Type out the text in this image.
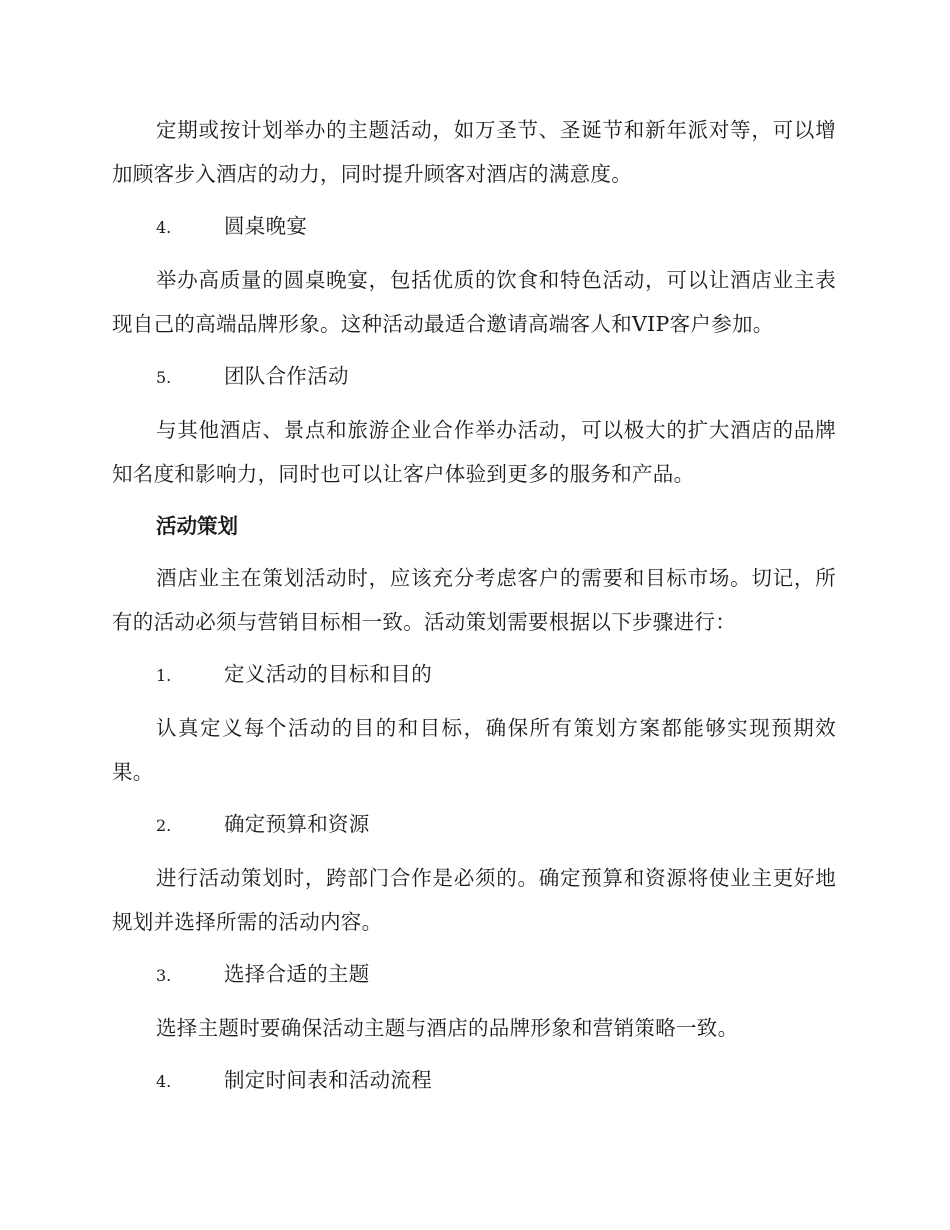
定期或按计划举办的主题活动，如万圣节、圣诞节和新年派对等，可以增加顾客步入酒店的动力，同时提升顾客对酒店的满意度。

4.	圆桌晚宴

举办高质量的圆桌晚宴，包括优质的饮食和特色活动，可以让酒店业主表现自己的高端品牌形象。这种活动最适合邀请高端客人和VIP客户参加。

5.	团队合作活动

与其他酒店、景点和旅游企业合作举办活动，可以极大的扩大酒店的品牌知名度和影响力，同时也可以让客户体验到更多的服务和产品。

活动策划

酒店业主在策划活动时，应该充分考虑客户的需要和目标市场。切记，所有的活动必须与营销目标相一致。活动策划需要根据以下步骤进行：

1.	定义活动的目标和目的

认真定义每个活动的目的和目标，确保所有策划方案都能够实现预期效果。

2.	确定预算和资源

进行活动策划时，跨部门合作是必须的。确定预算和资源将使业主更好地规划并选择所需的活动内容。

3.	选择合适的主题

选择主题时要确保活动主题与酒店的品牌形象和营销策略一致。

4.	制定时间表和活动流程
